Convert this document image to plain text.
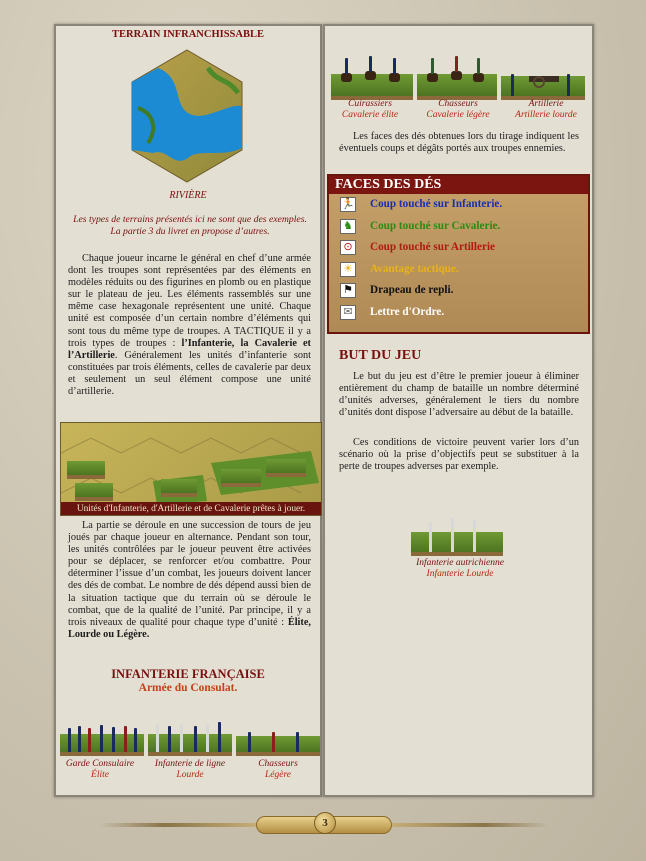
TERRAIN INFRANCHISSABLE
RIVIÈRE
Les types de terrains présentés ici ne sont que des exemples. La partie 3 du livret en propose d’autres.

Chaque joueur incarne le général en chef d’une armée dont les troupes sont représentées par des éléments en modèles réduits ou des figurines en plomb ou en plastique sur le plateau de jeu. Les éléments rassemblés sur une même case hexagonale représentent une unité. Chaque unité est composée d’un certain nombre d’éléments qui sont tous du même type de troupes. A TACTIQUE il y a trois types de troupes : l’Infanterie, la Cavalerie et l’Artillerie. Généralement les unités d’infanterie sont constituées par trois éléments, celles de cavalerie par deux et seulement un seul élément compose une unité d’artillerie.

Unités d'Infanterie, d'Artillerie et de Cavalerie prêtes à jouer.

La partie se déroule en une succession de tours de jeu joués par chaque joueur en alternance. Pendant son tour, les unités contrôlées par le joueur peuvent être activées pour se déplacer, se renforcer et/ou combattre. Pour déterminer l’issue d’un combat, les joueurs doivent lancer des dés de combat. Le nombre de dés dépend aussi bien de la situation tactique que du terrain où se déroule le combat, que de la qualité de l’unité. Par principe, il y a trois niveaux de qualité pour chaque type d’unité : Élite, Lourde ou Légère.

INFANTERIE FRANÇAISE
Armée du Consulat.
Garde Consulaire
Élite
Infanterie de ligne
Lourde
Chasseurs
Légère
Cuirassiers
Cavalerie élite
Chasseurs
Cavalerie légère
Artillerie
Artillerie lourde

Les faces des dés obtenues lors du tirage indiquent les éventuels coups et dégâts portés aux troupes ennemies.

FACES DES DÉS
🏃 Coup touché sur Infanterie.
♞ Coup touché sur Cavalerie.
⊙	Coup touché sur Artillerie
☀ Avantage tactique.
⚑ Drapeau de repli.
✉	Lettre d'Ordre.
BUT DU JEU

Le but du jeu est d’être le premier joueur à éliminer entièrement du champ de bataille un nombre déterminé d’unités adverses, généralement le tiers du nombre d’unités dont dispose l’adversaire au début de la bataille.

Ces conditions de victoire peuvent varier lors d’un scénario où la prise d’objectifs peut se substituer à la perte de troupes adverses par exemple.

Infanterie autrichienne
Infanterie Lourde
3
